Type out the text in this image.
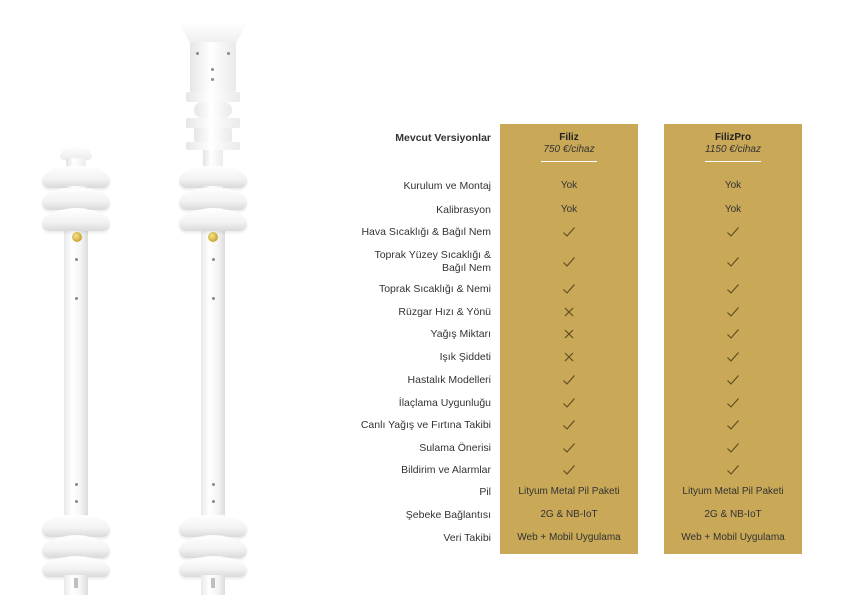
Mevcut Versiyonlar
Kurulum ve Montaj
Kalibrasyon
Hava Sıcaklığı & Bağıl Nem
Toprak Yüzey Sıcaklığı &
Bağıl Nem
Toprak Sıcaklığı & Nemi
Rüzgar Hızı & Yönü
Yağış Miktarı
Işık Şiddeti
Hastalık Modelleri
İlaçlama Uygunluğu
Canlı Yağış ve Fırtına Takibi
Sulama Önerisi
Bildirim ve Alarmlar
Pil
Şebeke Bağlantısı
Veri Takibi
Filiz
750 €/cihaz
Yok
Yok
Lityum Metal Pil Paketi
2G & NB-IoT
Web + Mobil Uygulama
FilizPro
1150 €/cihaz
Yok
Yok
Lityum Metal Pil Paketi
2G & NB-IoT
Web + Mobil Uygulama
